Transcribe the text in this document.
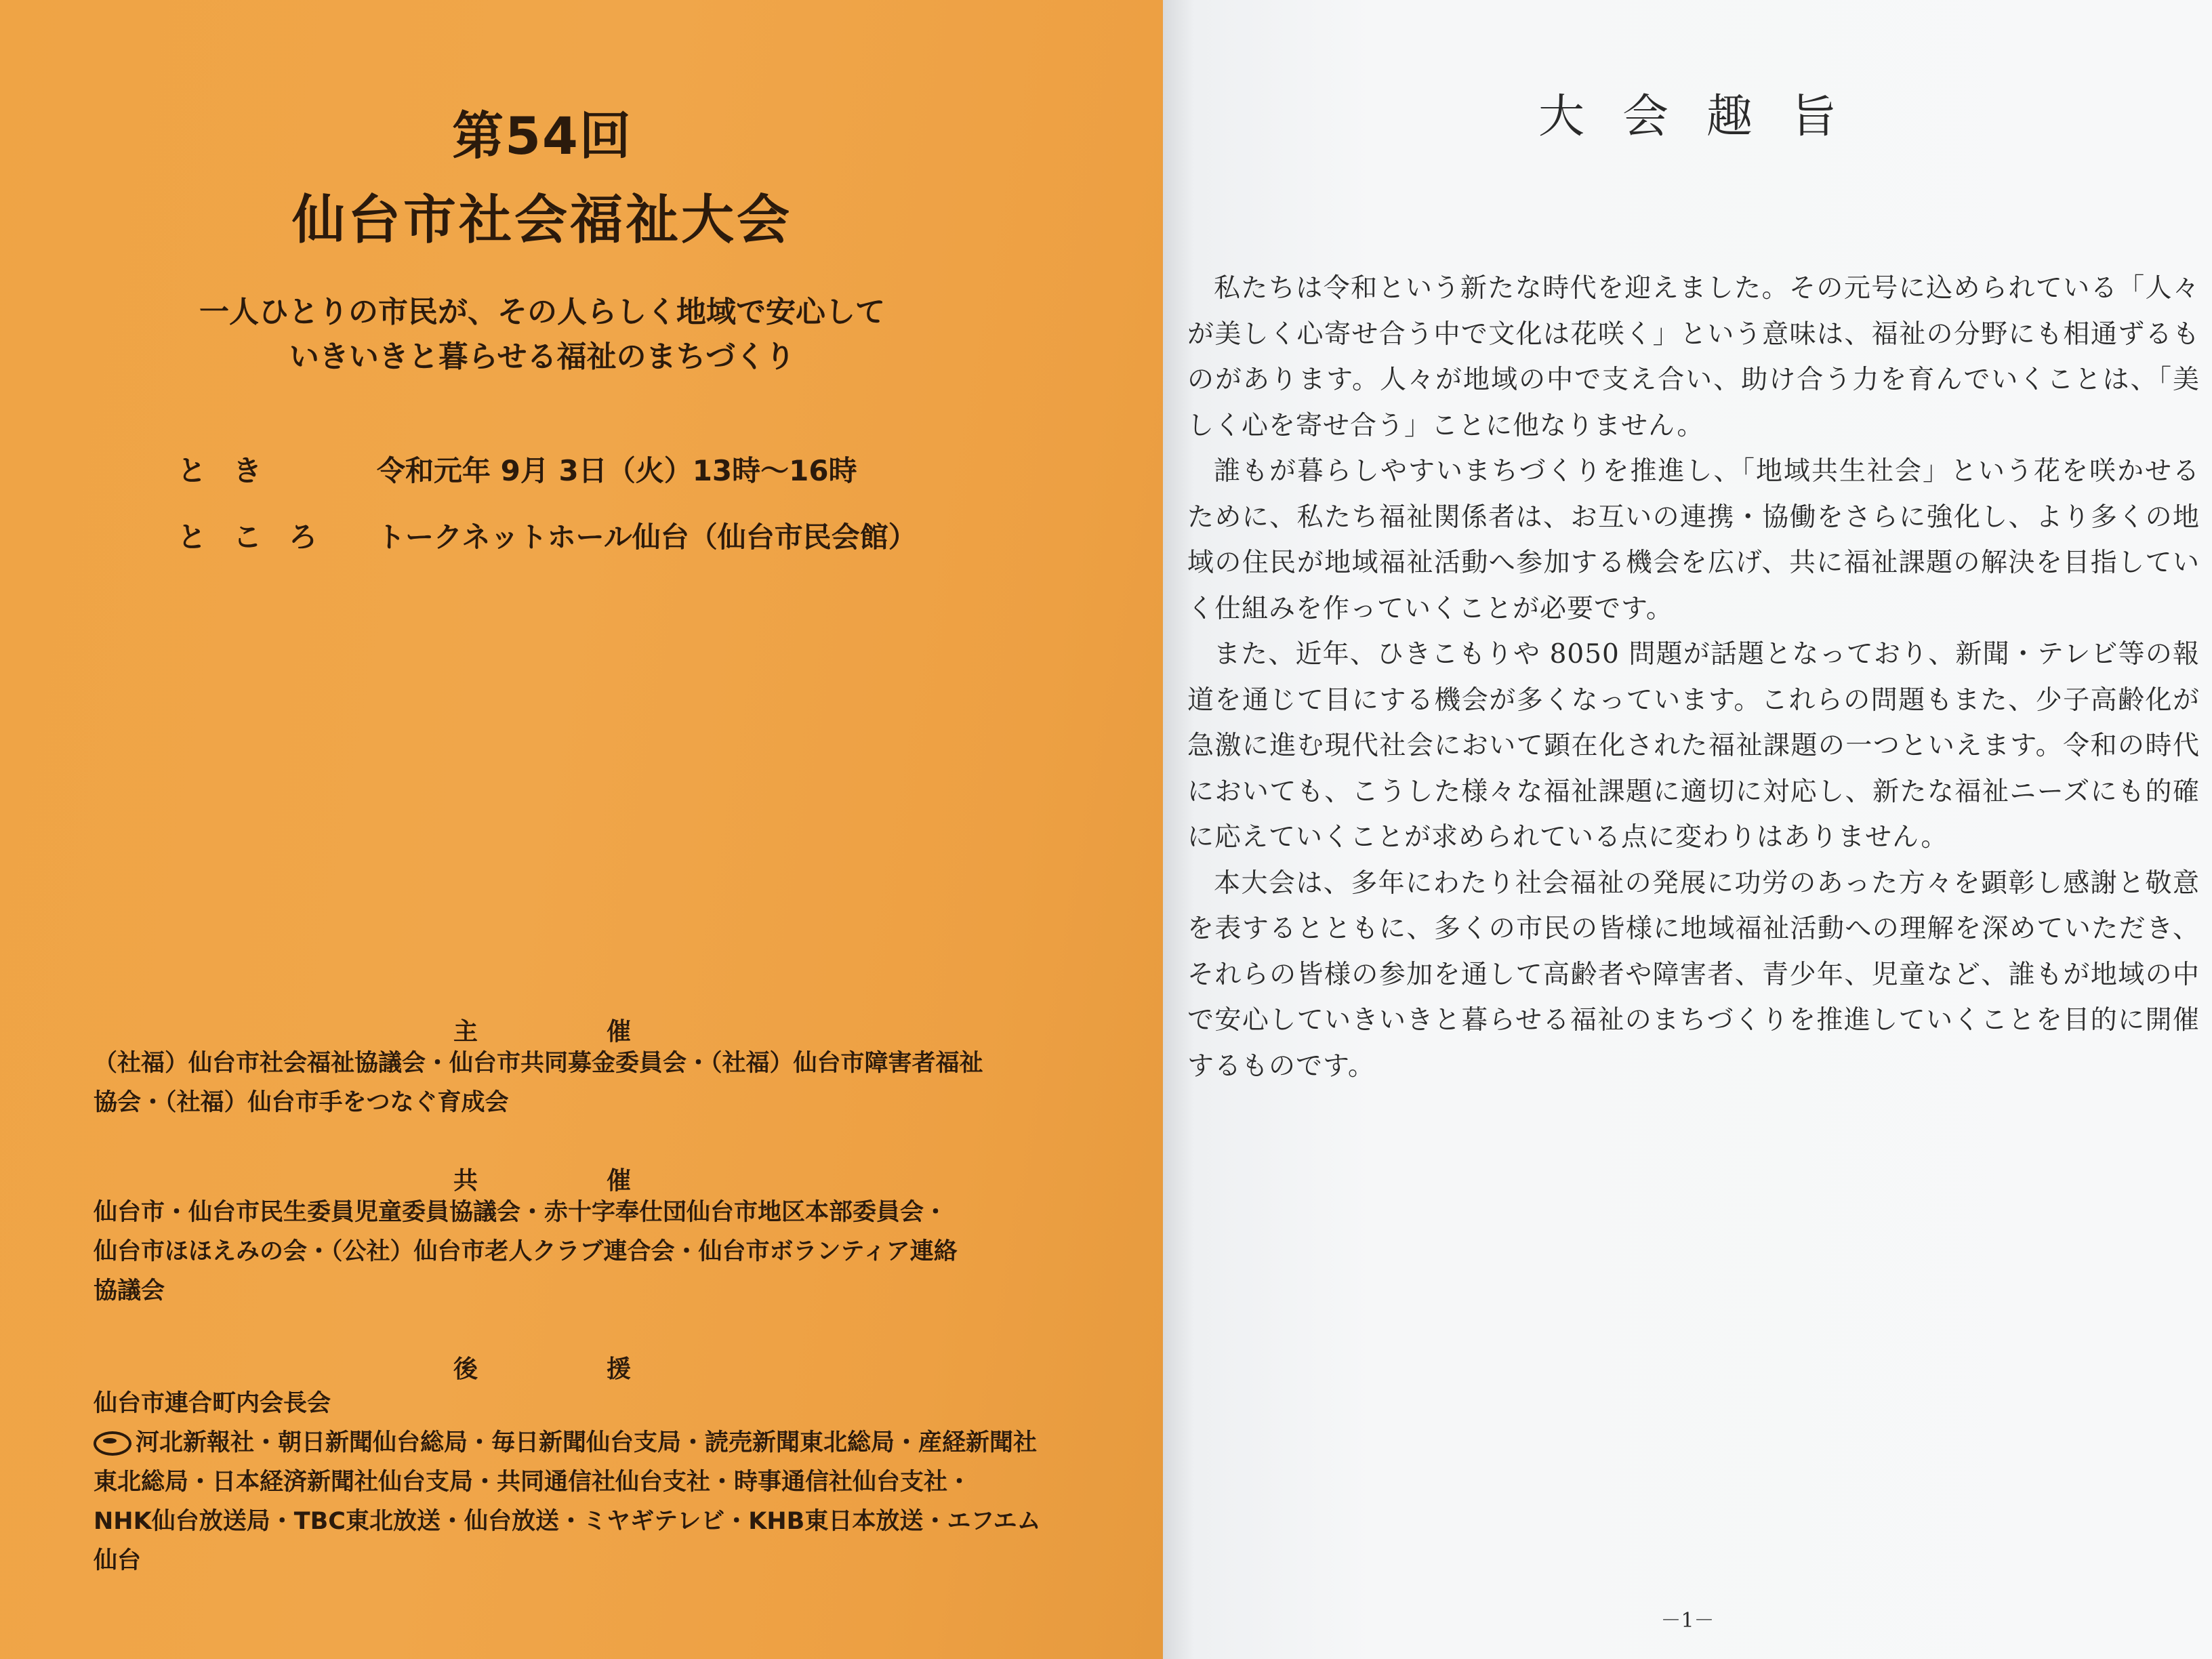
第54回
仙台市社会福祉大会
一人ひとりの市民が、その人らしく地域で安心して
いきいきと暮らせる福祉のまちづくり
とき	令和元年 9月 3日（火）13時～16時
ところ	トークネットホール仙台（仙台市民会館）
主催
（社福）仙台市社会福祉協議会・仙台市共同募金委員会・（社福）仙台市障害者福祉
協会・（社福）仙台市手をつなぐ育成会
共催
仙台市・仙台市民生委員児童委員協議会・赤十字奉仕団仙台市地区本部委員会・
仙台市ほほえみの会・（公社）仙台市老人クラブ連合会・仙台市ボランティア連絡
協議会
後援
仙台市連合町内会長会
河北新報社・朝日新聞仙台総局・毎日新聞仙台支局・読売新聞東北総局・産経新聞社
東北総局・日本経済新聞社仙台支局・共同通信社仙台支社・時事通信社仙台支社・
NHK仙台放送局・TBC東北放送・仙台放送・ミヤギテレビ・KHB東日本放送・エフエム仙台
大会趣旨

私たちは令和という新たな時代を迎えました。その元号に込められている「人々が美しく心寄せ合う中で文化は花咲く」という意味は、福祉の分野にも相通ずるものがあります。人々が地域の中で支え合い、助け合う力を育んでいくことは、「美しく心を寄せ合う」ことに他なりません。

誰もが暮らしやすいまちづくりを推進し、「地域共生社会」という花を咲かせるために、私たち福祉関係者は、お互いの連携・協働をさらに強化し、より多くの地域の住民が地域福祉活動へ参加する機会を広げ、共に福祉課題の解決を目指していく仕組みを作っていくことが必要です。

また、近年、ひきこもりや 8050 問題が話題となっており、新聞・テレビ等の報道を通じて目にする機会が多くなっています。これらの問題もまた、少子高齢化が急激に進む現代社会において顕在化された福祉課題の一つといえます。令和の時代においても、こうした様々な福祉課題に適切に対応し、新たな福祉ニーズにも的確に応えていくことが求められている点に変わりはありません。

本大会は、多年にわたり社会福祉の発展に功労のあった方々を顕彰し感謝と敬意を表するとともに、多くの市民の皆様に地域福祉活動への理解を深めていただき、それらの皆様の参加を通して高齢者や障害者、青少年、児童など、誰もが地域の中で安心していきいきと暮らせる福祉のまちづくりを推進していくことを目的に開催するものです。

－1－
